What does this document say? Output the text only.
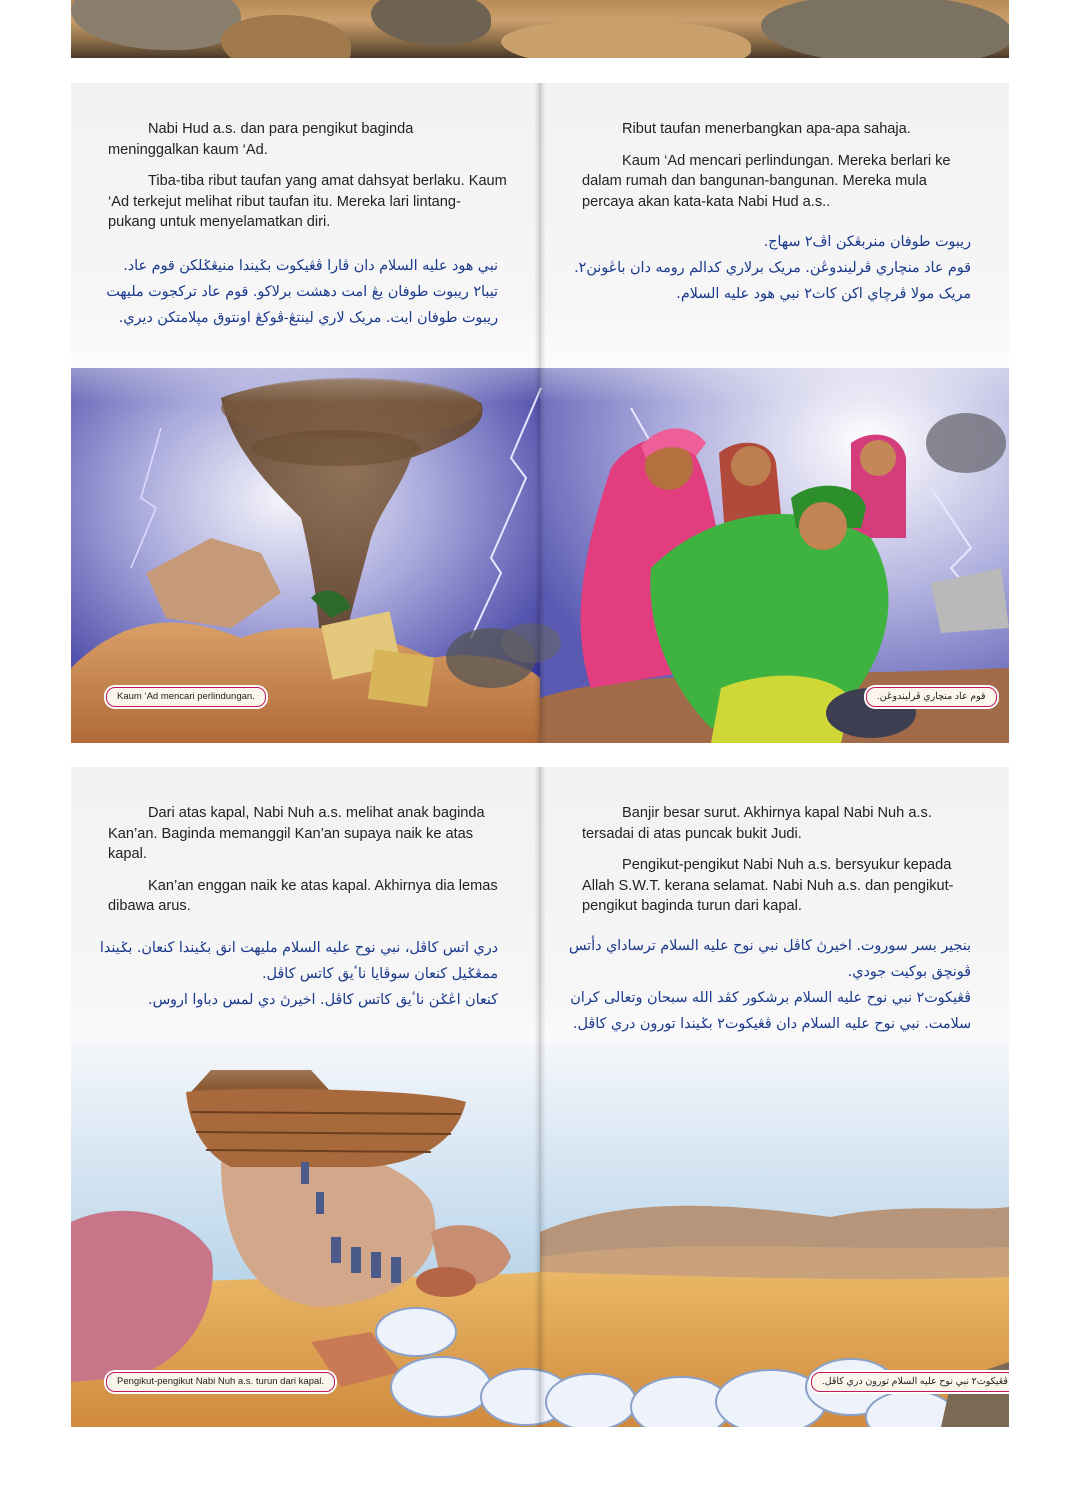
Nabi Hud a.s. dan para pengikut baginda meninggalkan kaum ‘Ad.

Tiba-tiba ribut taufan yang amat dahsyat berlaku. Kaum ‘Ad terkejut melihat ribut taufan itu. Mereka lari lintang-pukang untuk menyelamatkan diri.

نبي هود عليه السلام دان ڤارا ڤڠيکوت بݢيندا منيڠݢلکن قوم عاد.
تيبا٢ ريبوت طوفان يڠ امت دهشت برلاکو. قوم عاد ترکجوت مليهت
ريبوت طوفان ايت. مريک لاري لينتڠ-ڤوکڠ اونتوق مڽلامتکن ديري.

Ribut taufan menerbangkan apa-apa sahaja.

Kaum ‘Ad mencari perlindungan. Mereka berlari ke dalam rumah dan bangunan-bangunan. Mereka mula percaya akan kata-kata Nabi Hud a.s..

ريبوت طوفان منربڠکن اڤ٢ سهاج.
قوم عاد منچاري ڤرليندوڠن. مريک برلاري کدالم رومه دان باڠونن٢.
مريک مولا ڤرچاي اکن کات٢ نبي هود عليه السلام.
Kaum ‘Ad mencari perlindungan.	قوم عاد منچاري ڤرليندوڠن.

Dari atas kapal, Nabi Nuh a.s. melihat anak baginda Kan’an. Baginda memanggil Kan’an supaya naik ke atas kapal.

Kan’an enggan naik ke atas kapal. Akhirnya dia lemas dibawa arus.

دري اتس کاڤل، نبي نوح عليه السلام مليهت انق بݢيندا کنعان. بݢيندا
ممڠݢيل کنعان سوڤايا ناٴيق کاتس کاڤل.
کنعان اڠݢن ناٴيق کاتس کاڤل. اخيرڽ دي لمس دباوا اروس.

Banjir besar surut. Akhirnya kapal Nabi Nuh a.s. tersadai di atas puncak bukit Judi.

Pengikut-pengikut Nabi Nuh a.s. bersyukur kepada Allah S.W.T. kerana selamat. Nabi Nuh a.s. dan pengikut-pengikut baginda turun dari kapal.

بنجير بسر سوروت. اخيرڽ کاڤل نبي نوح عليه السلام ترساداي دأتس
ڤونچق بوکيت جودي.
ڤڠيکوت٢ نبي نوح عليه السلام برشکور کڤد الله سبحان وتعالى کران
سلامت. نبي نوح عليه السلام دان ڤڠيکوت٢ بݢيندا تورون دري کاڤل.
Pengikut-pengikut Nabi Nuh a.s. turun dari kapal.	ڤڠيکوت٢ نبي نوح عليه السلام تورون دري کاڤل.
